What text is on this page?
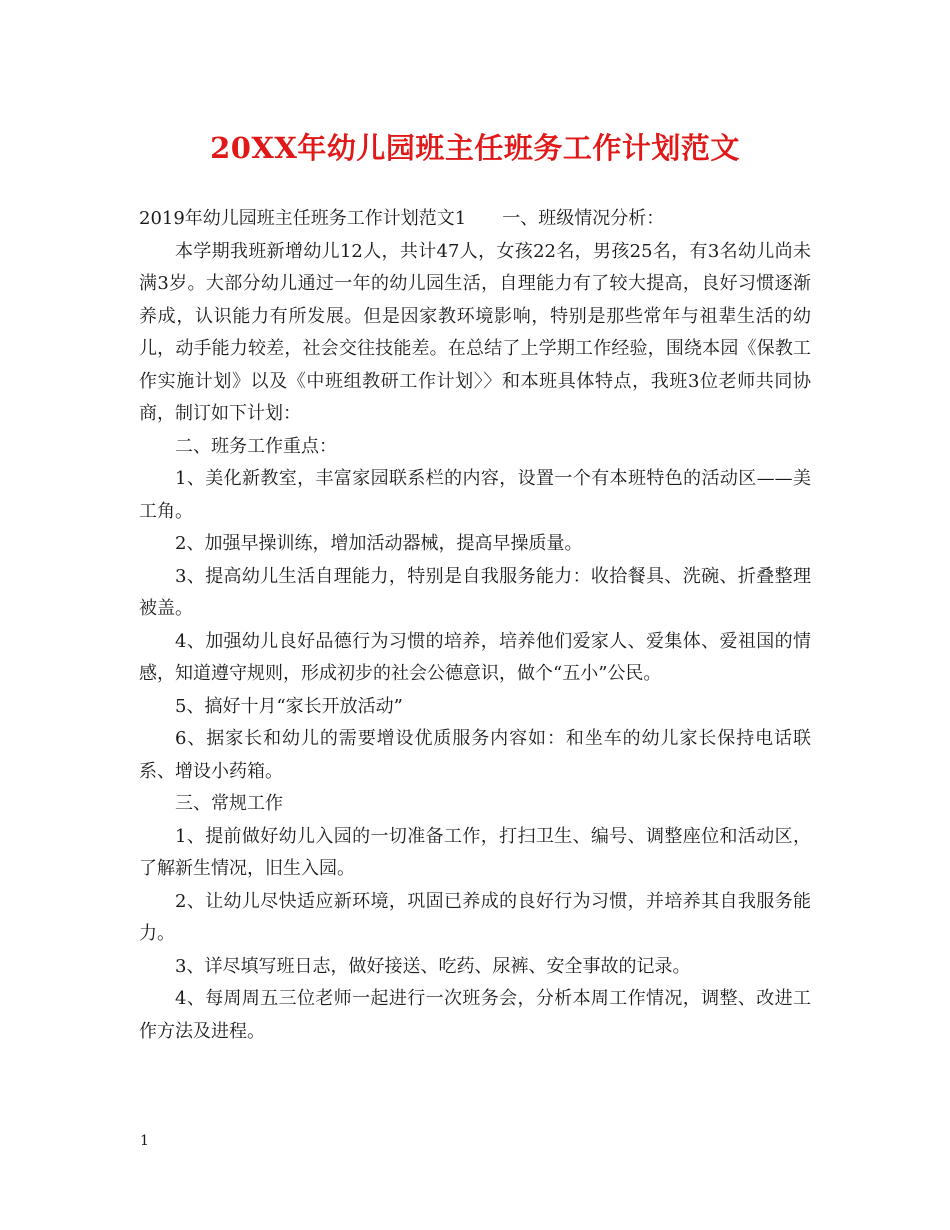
20XX年幼儿园班主任班务工作计划范文

2019年幼儿园班主任班务工作计划范文1　　一、班级情况分析：

本学期我班新增幼儿12人，共计47人，女孩22名，男孩25名，有3名幼儿尚未满3岁。大部分幼儿通过一年的幼儿园生活，自理能力有了较大提高，良好习惯逐渐养成，认识能力有所发展。但是因家教环境影响，特别是那些常年与祖辈生活的幼儿，动手能力较差，社会交往技能差。在总结了上学期工作经验，围绕本园《保教工作实施计划》以及《中班组教研工作计划〉〉和本班具体特点，我班3位老师共同协商，制订如下计划：

二、班务工作重点：

1、美化新教室，丰富家园联系栏的内容，设置一个有本班特色的活动区——美工角。

2、加强早操训练，增加活动器械，提高早操质量。

3、提高幼儿生活自理能力，特别是自我服务能力：收拾餐具、洗碗、折叠整理被盖。

4、加强幼儿良好品德行为习惯的培养，培养他们爱家人、爱集体、爱祖国的情感，知道遵守规则，形成初步的社会公德意识，做个“五小”公民。

5、搞好十月“家长开放活动”

6、据家长和幼儿的需要增设优质服务内容如：和坐车的幼儿家长保持电话联系、增设小药箱。

三、常规工作

1、提前做好幼儿入园的一切准备工作，打扫卫生、编号、调整座位和活动区，了解新生情况，旧生入园。

2、让幼儿尽快适应新环境，巩固已养成的良好行为习惯，并培养其自我服务能力。

3、详尽填写班日志，做好接送、吃药、尿裤、安全事故的记录。

4、每周周五三位老师一起进行一次班务会，分析本周工作情况，调整、改进工作方法及进程。

1
